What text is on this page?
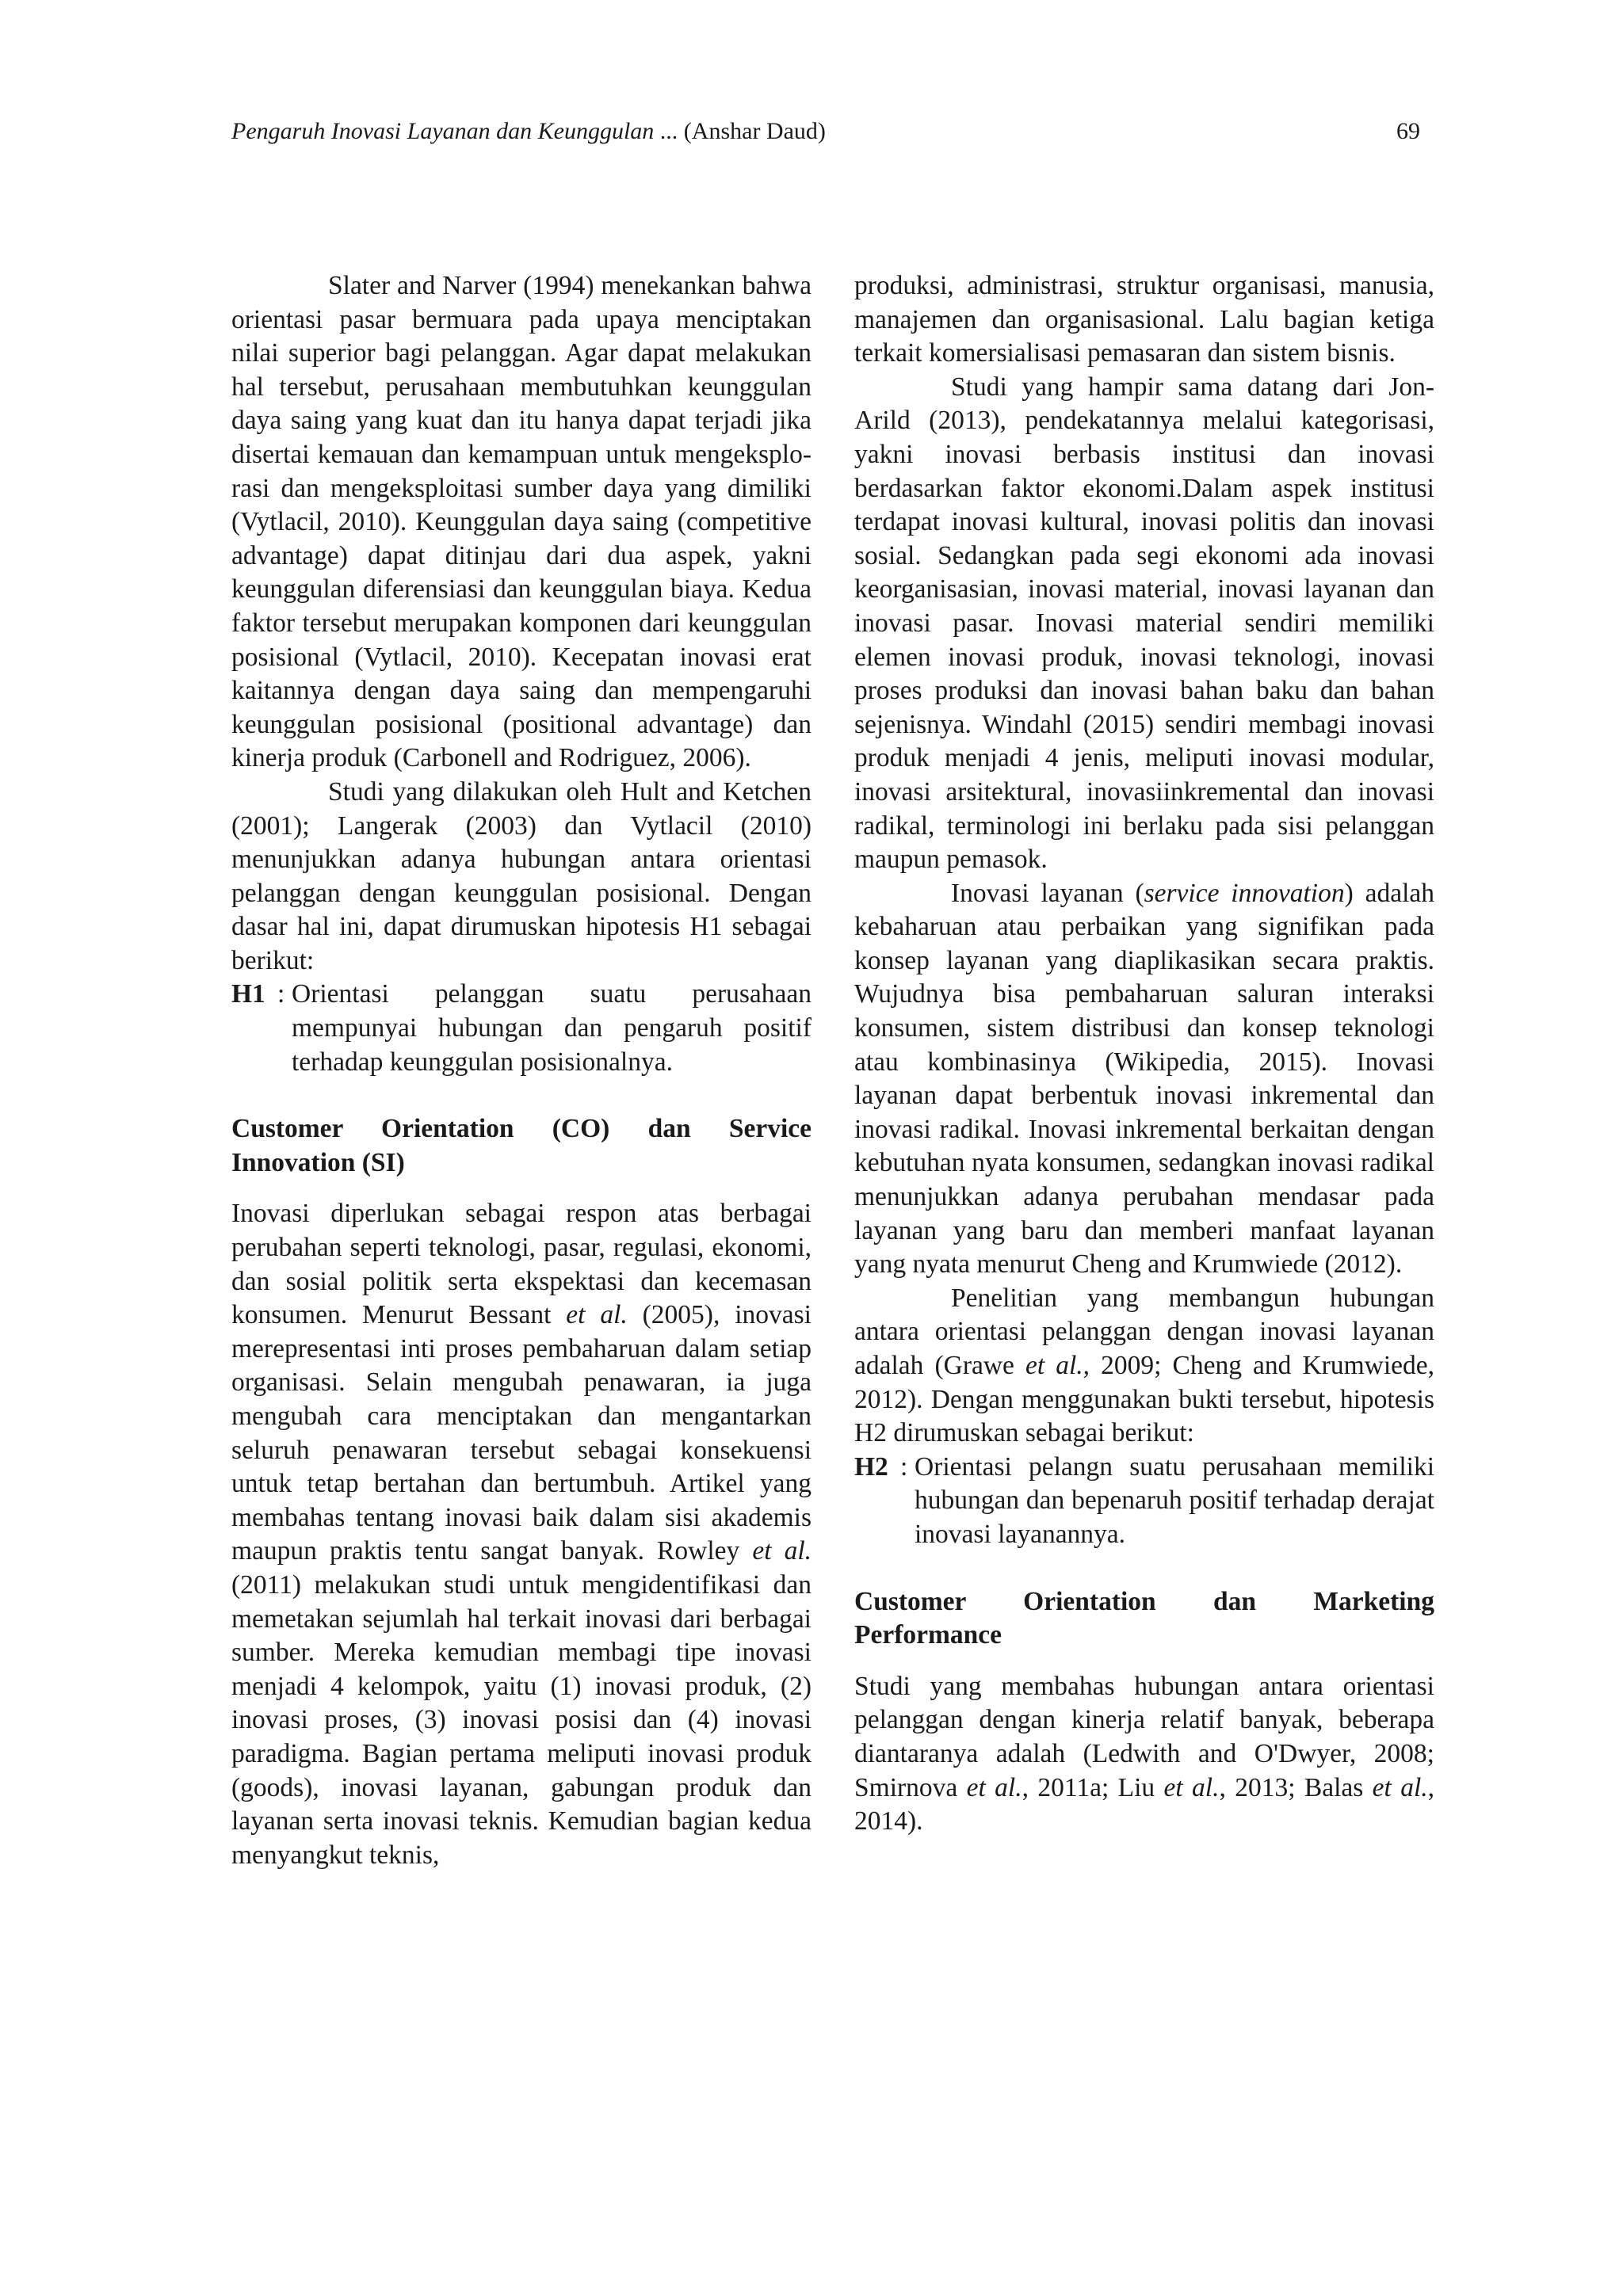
Pengaruh Inovasi Layanan dan Keunggulan ... (Anshar Daud)	69

Slater and Narver (1994) menekankan bahwa orientasi pasar bermuara pada upaya menciptakan nilai superior bagi pelanggan. Agar dapat melakukan hal tersebut, perusahaan membutuhkan keunggulan daya saing yang kuat dan itu hanya dapat terjadi jika disertai kemauan dan kemampuan untuk mengeksplorasi dan mengeksploitasi sumber daya yang dimiliki (Vytlacil, 2010). Keunggulan daya saing (competitive advantage) dapat ditinjau dari dua aspek, yakni keunggulan diferensiasi dan keunggulan biaya. Kedua faktor tersebut merupakan komponen dari keunggulan posisional (Vytlacil, 2010). Kecepatan inovasi erat kaitannya dengan daya saing dan mempengaruhi keunggulan posisional (positional advantage) dan kinerja produk (Carbonell and Rodriguez, 2006).

Studi yang dilakukan oleh Hult and Ketchen (2001); Langerak (2003) dan Vytlacil (2010) menunjukkan adanya hubungan antara orientasi pelanggan dengan keunggulan posisional. Dengan dasar hal ini, dapat dirumuskan hipotesis H1 sebagai berikut:

H1 : Orientasi pelanggan suatu perusahaan mempunyai hubungan dan pengaruh positif terhadap keunggulan posisionalnya.

Customer Orientation (CO) dan Service Innovation (SI)

Inovasi diperlukan sebagai respon atas berbagai perubahan seperti teknologi, pasar, regulasi, ekonomi, dan sosial politik serta ekspektasi dan kecemasan konsumen. Menurut Bessant et al. (2005), inovasi merepresentasi inti proses pembaharuan dalam setiap organisasi. Selain mengubah penawaran, ia juga mengubah cara menciptakan dan mengantarkan seluruh penawaran tersebut sebagai konsekuensi untuk tetap bertahan dan bertumbuh. Artikel yang membahas tentang inovasi baik dalam sisi akademis maupun praktis tentu sangat banyak. Rowley et al. (2011) melakukan studi untuk mengidentifikasi dan memetakan sejumlah hal terkait inovasi dari berbagai sumber. Mereka kemudian membagi tipe inovasi menjadi 4 kelompok, yaitu (1) inovasi produk, (2) inovasi proses, (3) inovasi posisi dan (4) inovasi paradigma. Bagian pertama meliputi inovasi produk (goods), inovasi layanan, gabungan produk dan layanan serta inovasi teknis. Kemudian bagian kedua menyangkut teknis,

produksi, administrasi, struktur organisasi, manusia, manajemen dan organisasional. Lalu bagian ketiga terkait komersialisasi pemasaran dan sistem bisnis.

Studi yang hampir sama datang dari Jon-Arild (2013), pendekatannya melalui kategorisasi, yakni inovasi berbasis institusi dan inovasi berdasarkan faktor ekonomi.Dalam aspek institusi terdapat inovasi kultural, inovasi politis dan inovasi sosial. Sedangkan pada segi ekonomi ada inovasi keorganisasian, inovasi material, inovasi layanan dan inovasi pasar. Inovasi material sendiri memiliki elemen inovasi produk, inovasi teknologi, inovasi proses produksi dan inovasi bahan baku dan bahan sejenisnya. Windahl (2015) sendiri membagi inovasi produk menjadi 4 jenis, meliputi inovasi modular, inovasi arsitektural, inovasiinkremental dan inovasi radikal, terminologi ini berlaku pada sisi pelanggan maupun pemasok.

Inovasi layanan (service innovation) adalah kebaharuan atau perbaikan yang signifikan pada konsep layanan yang diaplikasikan secara praktis. Wujudnya bisa pembaharuan saluran interaksi konsumen, sistem distribusi dan konsep teknologi atau kombinasinya (Wikipedia, 2015). Inovasi layanan dapat berbentuk inovasi inkremental dan inovasi radikal. Inovasi inkremental berkaitan dengan kebutuhan nyata konsumen, sedangkan inovasi radikal menunjukkan adanya perubahan mendasar pada layanan yang baru dan memberi manfaat layanan yang nyata menurut Cheng and Krumwiede (2012).

Penelitian yang membangun hubungan antara orientasi pelanggan dengan inovasi layanan adalah (Grawe et al., 2009; Cheng and Krumwiede, 2012). Dengan menggunakan bukti tersebut, hipotesis H2 dirumuskan sebagai berikut:

H2 : Orientasi pelangn suatu perusahaan memiliki hubungan dan bepenaruh positif terhadap derajat inovasi layanannya.

Customer Orientation dan Marketing Performance

Studi yang membahas hubungan antara orientasi pelanggan dengan kinerja relatif banyak, beberapa diantaranya adalah (Ledwith and O'Dwyer, 2008; Smirnova et al., 2011a; Liu et al., 2013; Balas et al., 2014).
